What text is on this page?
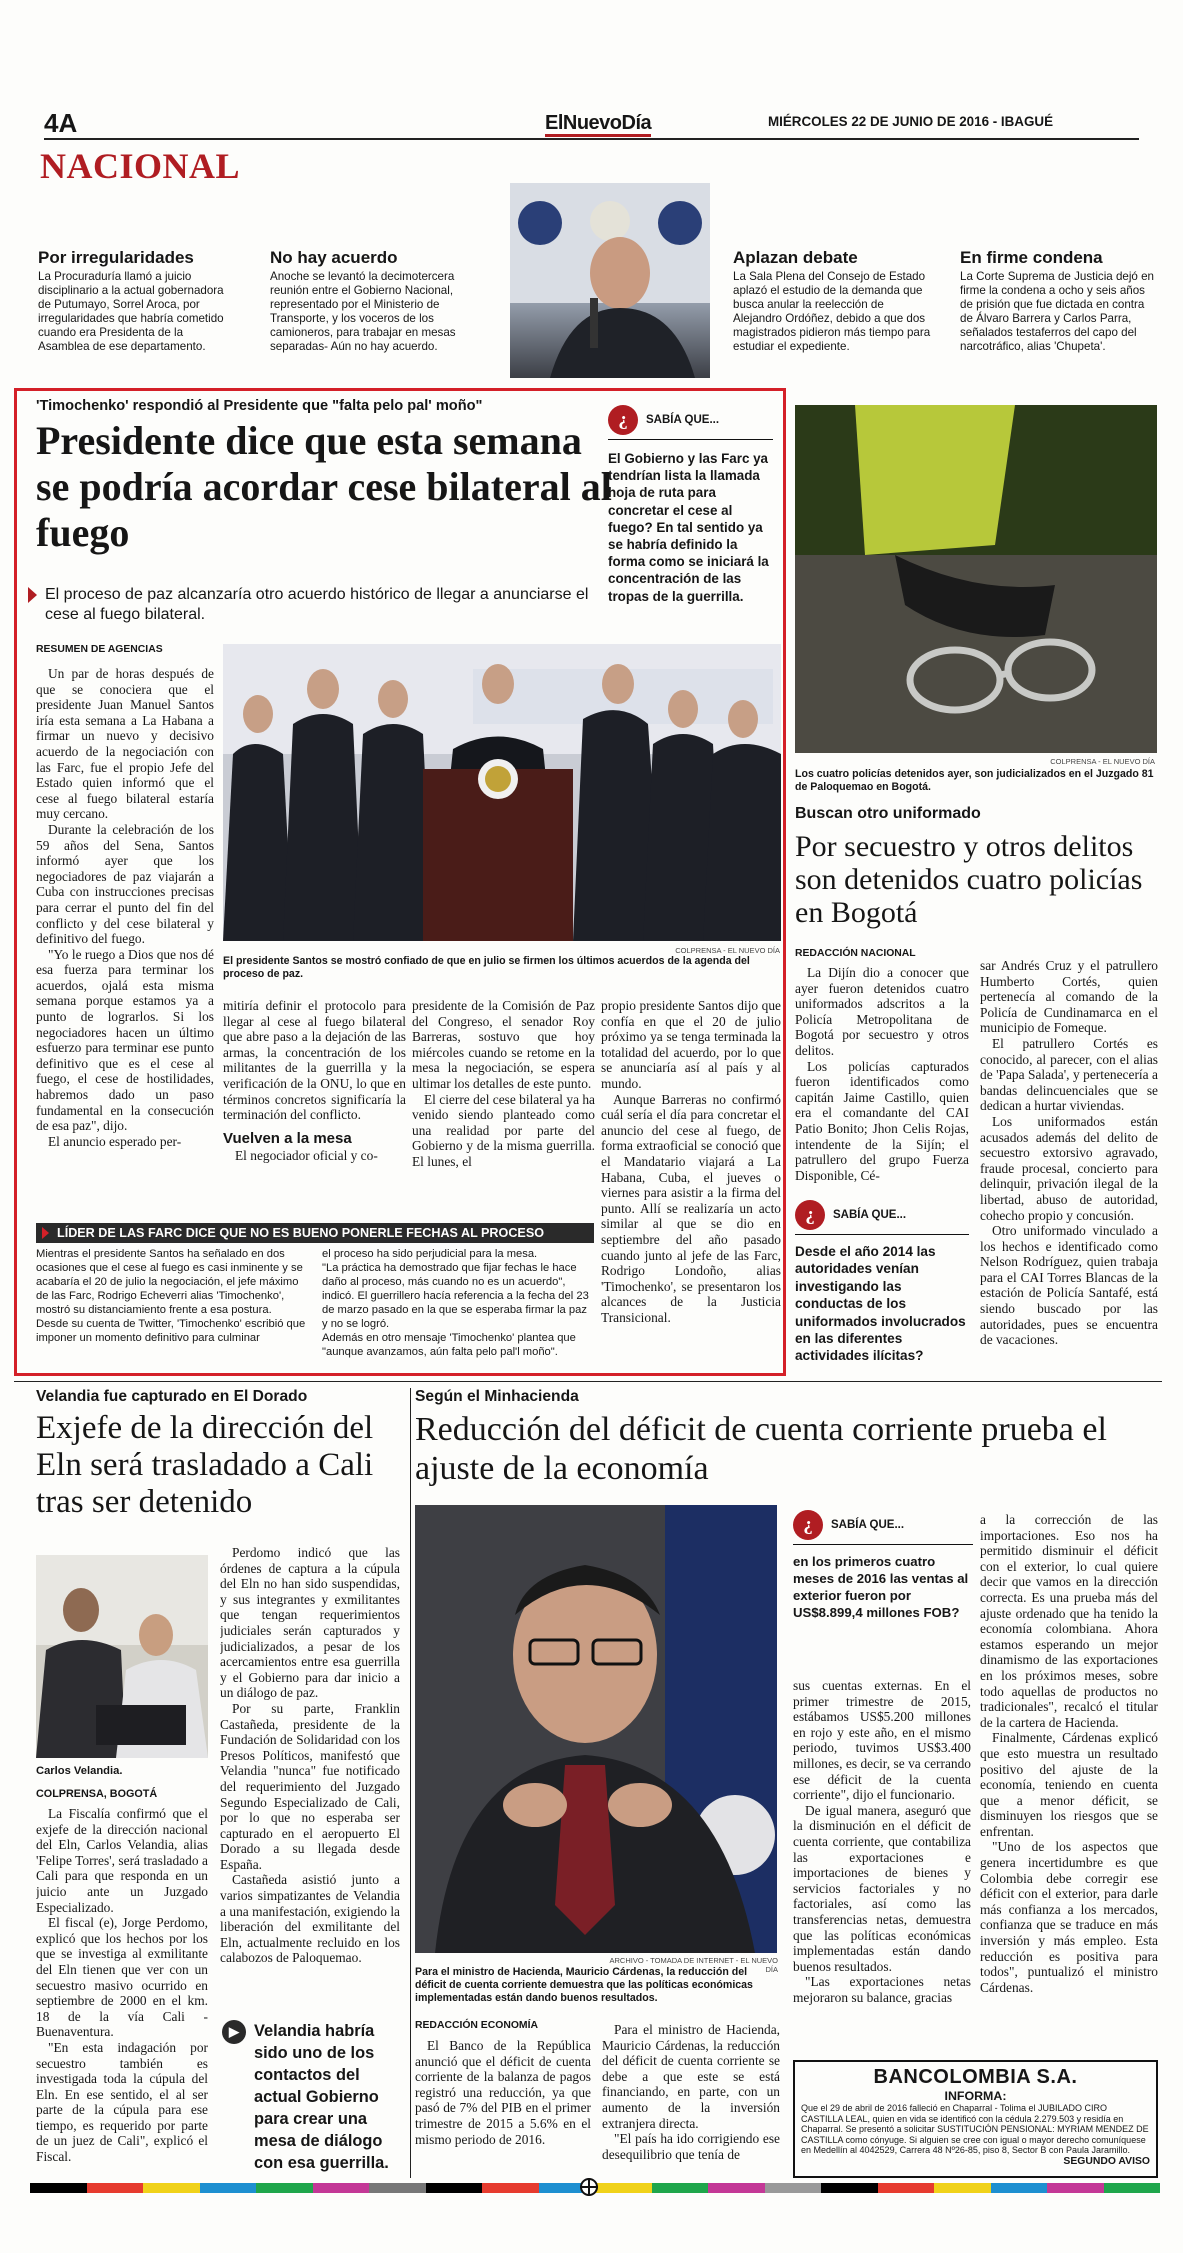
4A	ElNuevoDía	MIÉRCOLES 22 DE JUNIO DE 2016 - IBAGUÉ
NACIONAL
Por irregularidades
La Procuraduría llamó a juicio disciplinario a la actual gobernadora de Putumayo, Sorrel Aroca, por irregularidades que habría cometido cuando era Presidenta de la Asamblea de ese departamento.
No hay acuerdo
Anoche se levantó la decimotercera reunión entre el Gobierno Nacional, representado por el Ministerio de Transporte, y los voceros de los camioneros, para trabajar en mesas separadas- Aún no hay acuerdo.
Aplazan debate
La Sala Plena del Consejo de Estado aplazó el estudio de la demanda que busca anular la reelección de Alejandro Ordóñez, debido a que dos magistrados pidieron más tiempo para estudiar el expediente.
En firme condena
La Corte Suprema de Justicia dejó en firme la condena a ocho y seis años de prisión que fue dictada en contra de Álvaro Barrera y Carlos Parra, señalados testaferros del capo del narcotráfico, alias 'Chupeta'.
'Timochenko' respondió al Presidente que "falta pelo pal' moño"
Presidente dice que esta semana se podría acordar cese bilateral al fuego
El proceso de paz alcanzaría otro acuerdo histórico de llegar a anunciarse el cese al fuego bilateral.
¿	SABÍA QUE...
El Gobierno y las Farc ya tendrían lista la llamada hoja de ruta para concretar el cese al fuego? En tal sentido ya se habría definido la forma como se iniciará la concentración de las tropas de la guerrilla.
RESUMEN DE AGENCIAS

Un par de horas después de que se conociera que el presidente Juan Manuel Santos iría esta semana a La Habana a firmar un nuevo y decisivo acuerdo de la negociación con las Farc, fue el propio Jefe del Estado quien informó que el cese al fuego bilateral estaría muy cercano.

Durante la celebración de los 59 años del Sena, Santos informó ayer que los negociadores de paz viajarán a Cuba con instrucciones precisas para cerrar el punto del fin del conflicto y del cese bilateral y definitivo del fuego.

"Yo le ruego a Dios que nos dé esa fuerza para terminar los acuerdos, ojalá esta misma semana porque estamos ya a punto de lograrlos. Si los negociadores hacen un último esfuerzo para terminar ese punto definitivo que es el cese al fuego, el cese de hostilidades, habremos dado un paso fundamental en la consecución de esa paz", dijo.

El anuncio esperado per-

COLPRENSA - EL NUEVO DÍA
El presidente Santos se mostró confiado de que en julio se firmen los últimos acuerdos de la agenda del proceso de paz.

mitiría definir el protocolo para llegar al cese al fuego bilateral que abre paso a la dejación de las armas, la concentración de los militantes de la guerrilla y la verificación de la ONU, lo que en términos concretos significaría la terminación del conflicto.

Vuelven a la mesa

El negociador oficial y co-

presidente de la Comisión de Paz del Congreso, el senador Roy Barreras, sostuvo que hoy miércoles cuando se retome en la mesa la negociación, se espera ultimar los detalles de este punto.

El cierre del cese bilateral ya ha venido siendo planteado como una realidad por parte del Gobierno y de la misma guerrilla. El lunes, el

propio presidente Santos dijo que confía en que el 20 de julio próximo ya se tenga terminada la totalidad del acuerdo, por lo que se anunciaría así al país y al mundo.

Aunque Barreras no confirmó cuál sería el día para concretar el anuncio del cese al fuego, de forma extraoficial se conoció que el Mandatario viajará a La Habana, Cuba, el jueves o viernes para asistir a la firma del punto. Allí se realizaría un acto similar al que se dio en septiembre del año pasado cuando junto al jefe de las Farc, Rodrigo Londoño, alias 'Timochenko', se presentaron los alcances de la Justicia Transicional.

LÍDER DE LAS FARC DICE QUE NO ES BUENO PONERLE FECHAS AL PROCESO
Mientras el presidente Santos ha señalado en dos ocasiones que el cese al fuego es casi inminente y se acabaría el 20 de julio la negociación, el jefe máximo de las Farc, Rodrigo Echeverri alias 'Timochenko', mostró su distanciamiento frente a esa postura.
Desde su cuenta de Twitter, 'Timochenko' escribió que imponer un momento definitivo para culminar
el proceso ha sido perjudicial para la mesa.
"La práctica ha demostrado que fijar fechas le hace daño al proceso, más cuando no es un acuerdo", indicó. El guerrillero hacía referencia a la fecha del 23 de marzo pasado en la que se esperaba firmar la paz y no se logró.
Además en otro mensaje 'Timochenko' plantea que "aunque avanzamos, aún falta pelo pal'l moño".
COLPRENSA - EL NUEVO DÍA
Los cuatro policías detenidos ayer, son judicializados en el Juzgado 81 de Paloquemao en Bogotá.
Buscan otro uniformado
Por secuestro y otros delitos son detenidos cuatro policías en Bogotá
REDACCIÓN NACIONAL

La Dijín dio a conocer que ayer fueron detenidos cuatro uniformados adscritos a la Policía Metropolitana de Bogotá por secuestro y otros delitos.

Los policías capturados fueron identificados como capitán Jaime Castillo, quien era el comandante del CAI Patio Bonito; Jhon Celis Rojas, intendente de la Sijín; el patrullero del grupo Fuerza Disponible, Cé-

¿	SABÍA QUE...
Desde el año 2014 las autoridades venían investigando las conductas de los uniformados involucrados en las diferentes actividades ilícitas?

sar Andrés Cruz y el patrullero Humberto Cortés, quien pertenecía al comando de la Policía de Cundinamarca en el municipio de Fomeque.

El patrullero Cortés es conocido, al parecer, con el alias de 'Papa Salada', y pertenecería a bandas delincuenciales que se dedican a hurtar viviendas.

Los uniformados están acusados además del delito de secuestro extorsivo agravado, fraude procesal, concierto para delinquir, privación ilegal de la libertad, abuso de autoridad, cohecho propio y concusión.

Otro uniformado vinculado a los hechos e identificado como Nelson Rodríguez, quien trabaja para el CAI Torres Blancas de la estación de Policía Santafé, está siendo buscado por las autoridades, pues se encuentra de vacaciones.

Velandia fue capturado en El Dorado
Exjefe de la dirección del Eln será trasladado a Cali tras ser detenido
Carlos Velandia.
COLPRENSA, BOGOTÁ

La Fiscalía confirmó que el exjefe de la dirección nacional del Eln, Carlos Velandia, alias 'Felipe Torres', será trasladado a Cali para que responda en un juicio ante un Juzgado Especializado.

El fiscal (e), Jorge Perdomo, explicó que los hechos por los que se investiga al exmilitante del Eln tienen que ver con un secuestro masivo ocurrido en septiembre de 2000 en el km. 18 de la vía Cali - Buenaventura.

"En esta indagación por secuestro también es investigada toda la cúpula del Eln. En ese sentido, el al ser parte de la cúpula para ese tiempo, es requerido por parte de un juez de Cali", explicó el Fiscal.

Perdomo indicó que las órdenes de captura a la cúpula del Eln no han sido suspendidas, y sus integrantes y exmilitantes que tengan requerimientos judiciales serán capturados y judicializados, a pesar de los acercamientos entre esa guerrilla y el Gobierno para dar inicio a un diálogo de paz.

Por su parte, Franklin Castañeda, presidente de la Fundación de Solidaridad con los Presos Políticos, manifestó que Velandia "nunca" fue notificado del requerimiento del Juzgado Segundo Especializado de Cali, por lo que no esperaba ser capturado en el aeropuerto El Dorado a su llegada desde España.

Castañeda asistió junto a varios simpatizantes de Velandia a una manifestación, exigiendo la liberación del exmilitante del Eln, actualmente recluido en los calabozos de Paloquemao.

▶ Velandia habría sido uno de los contactos del actual Gobierno para crear una mesa de diálogo con esa guerrilla.
Según el Minhacienda
Reducción del déficit de cuenta corriente prueba el ajuste de la economía
ARCHIVO - TOMADA DE INTERNET - EL NUEVO DÍA
Para el ministro de Hacienda, Mauricio Cárdenas, la reducción del déficit de cuenta corriente demuestra que las políticas económicas implementadas están dando buenos resultados.
¿	SABÍA QUE...
en los primeros cuatro meses de 2016 las ventas al exterior fueron por US$8.899,4 millones FOB?
REDACCIÓN ECONOMÍA

El Banco de la República anunció que el déficit de cuenta corriente de la balanza de pagos registró una reducción, ya que pasó de 7% del PIB en el primer trimestre de 2015 a 5.6% en el mismo periodo de 2016.

Para el ministro de Hacienda, Mauricio Cárdenas, la reducción del déficit de cuenta corriente se debe a que este se está financiando, en parte, con un aumento de la inversión extranjera directa.

"El país ha ido corrigiendo ese desequilibrio que tenía de

sus cuentas externas. En el primer trimestre de 2015, estábamos US$5.200 millones en rojo y este año, en el mismo periodo, tuvimos US$3.400 millones, es decir, se va cerrando ese déficit de la cuenta corriente", dijo el funcionario.

De igual manera, aseguró que la disminución en el déficit de cuenta corriente, que contabiliza las exportaciones e importaciones de bienes y servicios factoriales y no factoriales, así como las transferencias netas, demuestra que las políticas económicas implementadas están dando buenos resultados.

"Las exportaciones netas mejoraron su balance, gracias

a la corrección de las importaciones. Eso nos ha permitido disminuir el déficit con el exterior, lo cual quiere decir que vamos en la dirección correcta. Es una prueba más del ajuste ordenado que ha tenido la economía colombiana. Ahora estamos esperando un mejor dinamismo de las exportaciones en los próximos meses, sobre todo aquellas de productos no tradicionales", recalcó el titular de la cartera de Hacienda.

Finalmente, Cárdenas explicó que esto muestra un resultado positivo del ajuste de la economía, teniendo en cuenta que a menor déficit, se disminuyen los riesgos que se enfrentan.

"Uno de los aspectos que genera incertidumbre es que Colombia debe corregir ese déficit con el exterior, para darle más confianza a los mercados, confianza que se traduce en más inversión y más empleo. Esta reducción es positiva para todos", puntualizó el ministro Cárdenas.

BANCOLOMBIA S.A.
INFORMA:
Que el 29 de abril de 2016 falleció en Chaparral - Tolima el JUBILADO CIRO CASTILLA LEAL, quien en vida se identificó con la cédula 2.279.503 y residía en Chaparral. Se presentó a solicitar SUSTITUCIÓN PENSIONAL: MYRIAM MENDEZ DE CASTILLA como cónyuge. Si alguien se cree con igual o mayor derecho comuníquese en Medellín al 4042529, Carrera 48 Nº26-85, piso 8, Sector B con Paula Jaramillo.
SEGUNDO AVISO
